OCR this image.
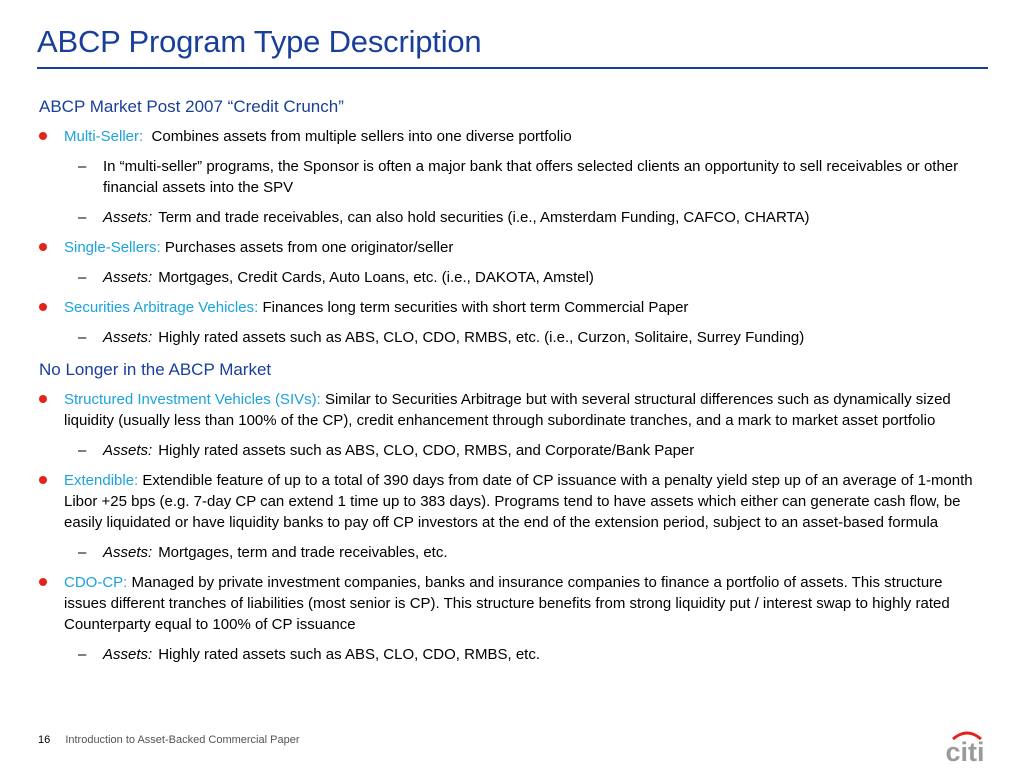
ABCP Program Type Description
ABCP Market Post 2007 “Credit Crunch”
Multi-Seller: Combines assets from multiple sellers into one diverse portfolio
– In “multi-seller” programs, the Sponsor is often a major bank that offers selected clients an opportunity to sell receivables or other financial assets into the SPV
– Assets: Term and trade receivables, can also hold securities (i.e., Amsterdam Funding, CAFCO, CHARTA)
Single-Sellers: Purchases assets from one originator/seller
– Assets: Mortgages, Credit Cards, Auto Loans, etc. (i.e., DAKOTA, Amstel)
Securities Arbitrage Vehicles: Finances long term securities with short term Commercial Paper
– Assets: Highly rated assets such as ABS, CLO, CDO, RMBS, etc. (i.e., Curzon, Solitaire, Surrey Funding)
No Longer in the ABCP Market
Structured Investment Vehicles (SIVs): Similar to Securities Arbitrage but with several structural differences such as dynamically sized liquidity (usually less than 100% of the CP), credit enhancement through subordinate tranches, and a mark to market asset portfolio
– Assets: Highly rated assets such as ABS, CLO, CDO, RMBS, and Corporate/Bank Paper
Extendible: Extendible feature of up to a total of 390 days from date of CP issuance with a penalty yield step up of an average of 1-month Libor +25 bps (e.g. 7-day CP can extend 1 time up to 383 days). Programs tend to have assets which either can generate cash flow, be easily liquidated or have liquidity banks to pay off CP investors at the end of the extension period, subject to an asset-based formula
– Assets: Mortgages, term and trade receivables, etc.
CDO-CP: Managed by private investment companies, banks and insurance companies to finance a portfolio of assets. This structure issues different tranches of liabilities (most senior is CP). This structure benefits from strong liquidity put / interest swap to highly rated Counterparty equal to 100% of CP issuance
– Assets: Highly rated assets such as ABS, CLO, CDO, RMBS, etc.
16 Introduction to Asset-Backed Commercial Paper	citi
